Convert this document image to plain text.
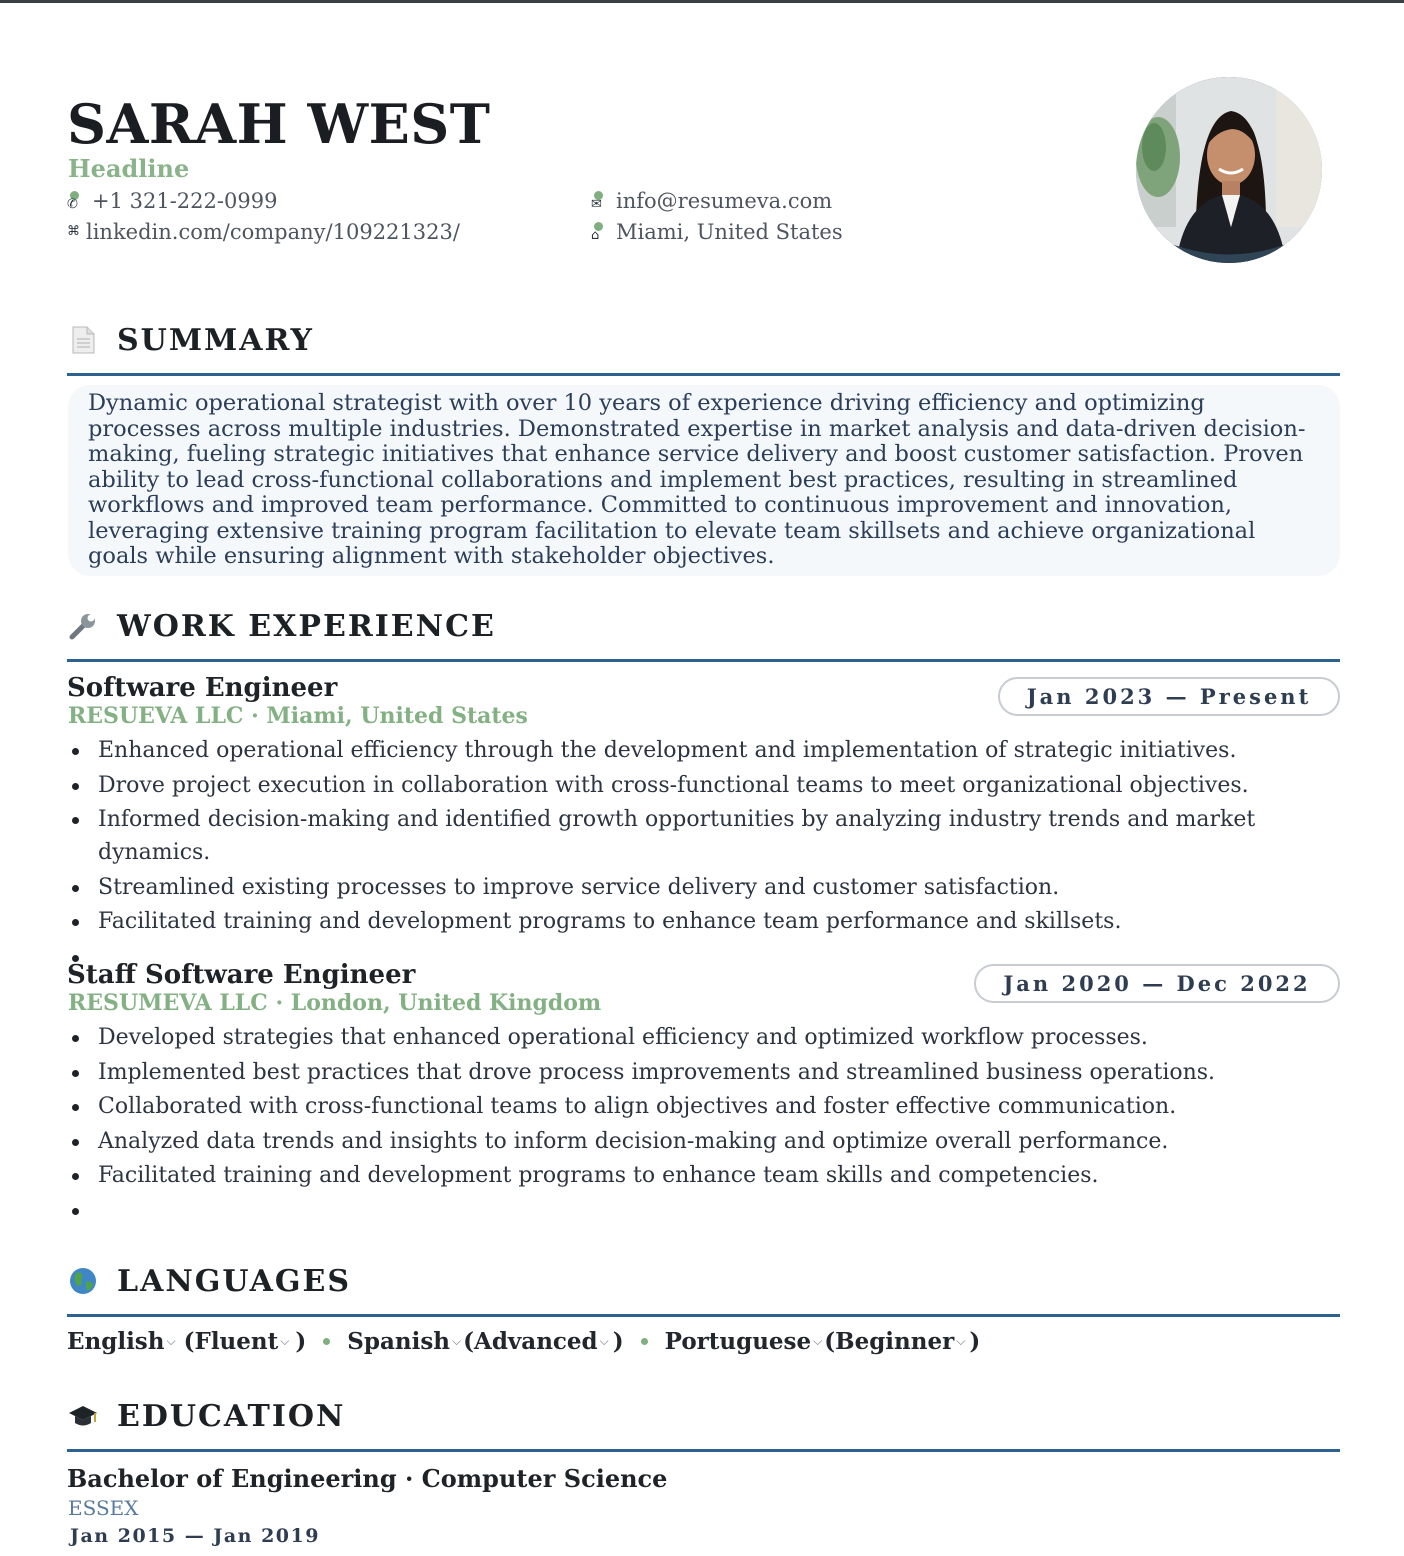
SARAH WEST
Headline
✆ +1 321-222-0999	✉ info@resumeva.com
⌘ linkedin.com/company/109221323/	⌂ Miami, United States
SUMMARY
Dynamic operational strategist with over 10 years of experience driving efficiency and optimizing processes across multiple industries. Demonstrated expertise in market analysis and data-driven decision-making, fueling strategic initiatives that enhance service delivery and boost customer satisfaction. Proven ability to lead cross-functional collaborations and implement best practices, resulting in streamlined workflows and improved team performance. Committed to continuous improvement and innovation, leveraging extensive training program facilitation to elevate team skillsets and achieve organizational goals while ensuring alignment with stakeholder objectives.
WORK EXPERIENCE
Software Engineer
RESUEVA LLC · Miami, United States
Jan 2023 — Present
Enhanced operational efficiency through the development and implementation of strategic initiatives.
Drove project execution in collaboration with cross-functional teams to meet organizational objectives.
Informed decision-making and identified growth opportunities by analyzing industry trends and market dynamics.
Streamlined existing processes to improve service delivery and customer satisfaction.
Facilitated training and development programs to enhance team performance and skillsets.
Staff Software Engineer
RESUMEVA LLC · London, United Kingdom
Jan 2020 — Dec 2022
Developed strategies that enhanced operational efficiency and optimized workflow processes.
Implemented best practices that drove process improvements and streamlined business operations.
Collaborated with cross-functional teams to align objectives and foster effective communication.
Analyzed data trends and insights to inform decision-making and optimize overall performance.
Facilitated training and development programs to enhance team skills and competencies.
LANGUAGES
English ⌵ ( Fluent ⌵ ) Spanish ⌵ ( Advanced ⌵ ) Portuguese ⌵ ( Beginner ⌵ )
EDUCATION
Bachelor of Engineering · Computer Science
ESSEX
Jan 2015 — Jan 2019
